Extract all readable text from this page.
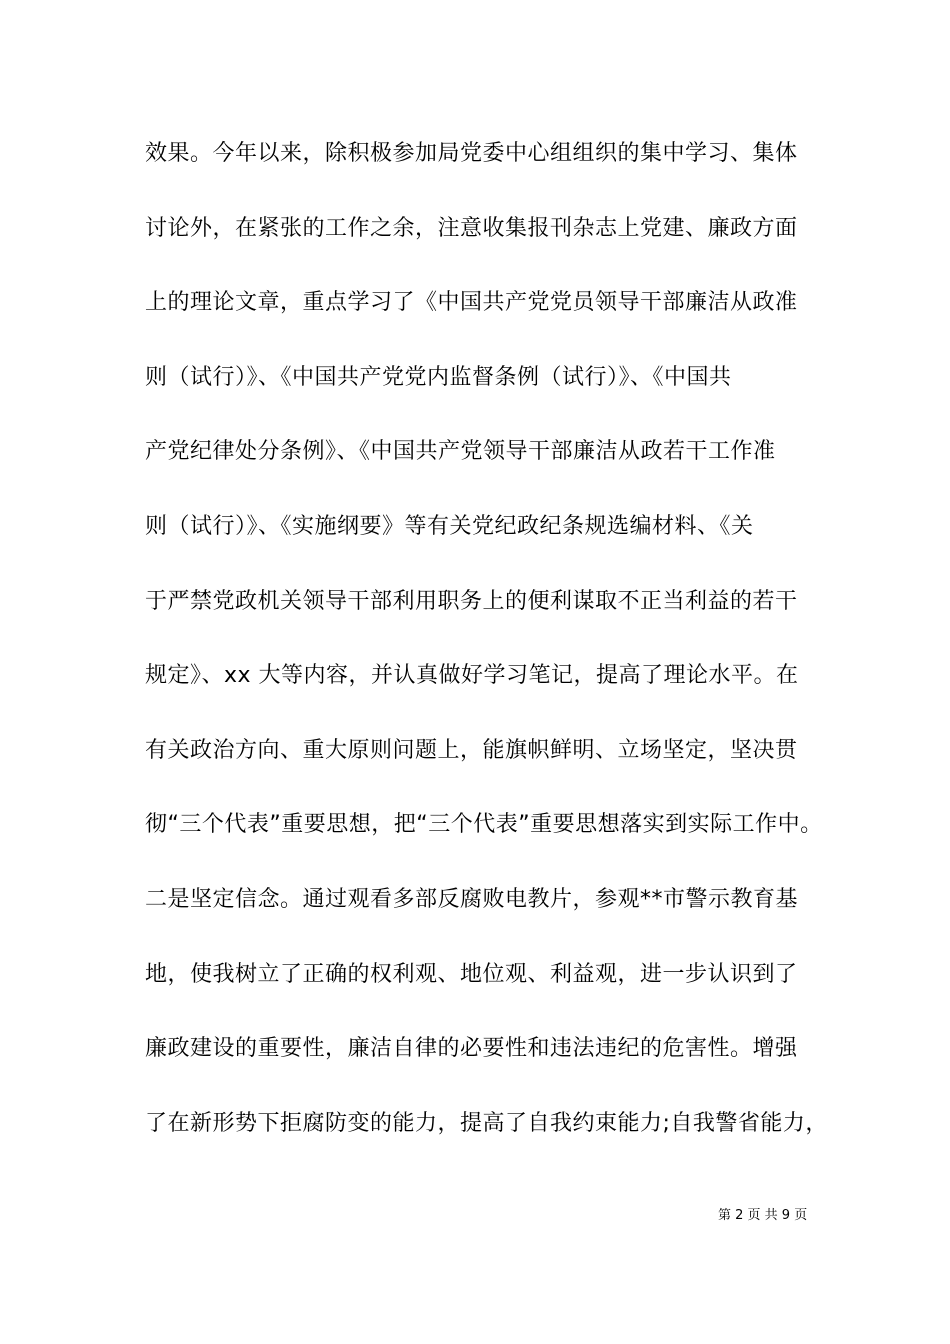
效果。今年以来，除积极参加局党委中心组组织的集中学习、集体
讨论外，在紧张的工作之余，注意收集报刊杂志上党建、廉政方面
上的理论文章，重点学习了《中国共产党党员领导干部廉洁从政准
则（试行）》、《中国共产党党内监督条例（试行）》、《中国共
产党纪律处分条例》、《中国共产党领导干部廉洁从政若干工作准
则（试行）》、《实施纲要》等有关党纪政纪条规选编材料、《关
于严禁党政机关领导干部利用职务上的便利谋取不正当利益的若干
规定》、xx 大等内容，并认真做好学习笔记，提高了理论水平。在
有关政治方向、重大原则问题上，能旗帜鲜明、立场坚定，坚决贯
彻“三个代表”重要思想，把“三个代表”重要思想落实到实际工作中。
二是坚定信念。通过观看多部反腐败电教片，参观**市警示教育基
地，使我树立了正确的权利观、地位观、利益观，进一步认识到了
廉政建设的重要性，廉洁自律的必要性和违法违纪的危害性。增强
了在新形势下拒腐防变的能力，提高了自我约束能力;自我警省能力，
第 2 页 共 9 页
